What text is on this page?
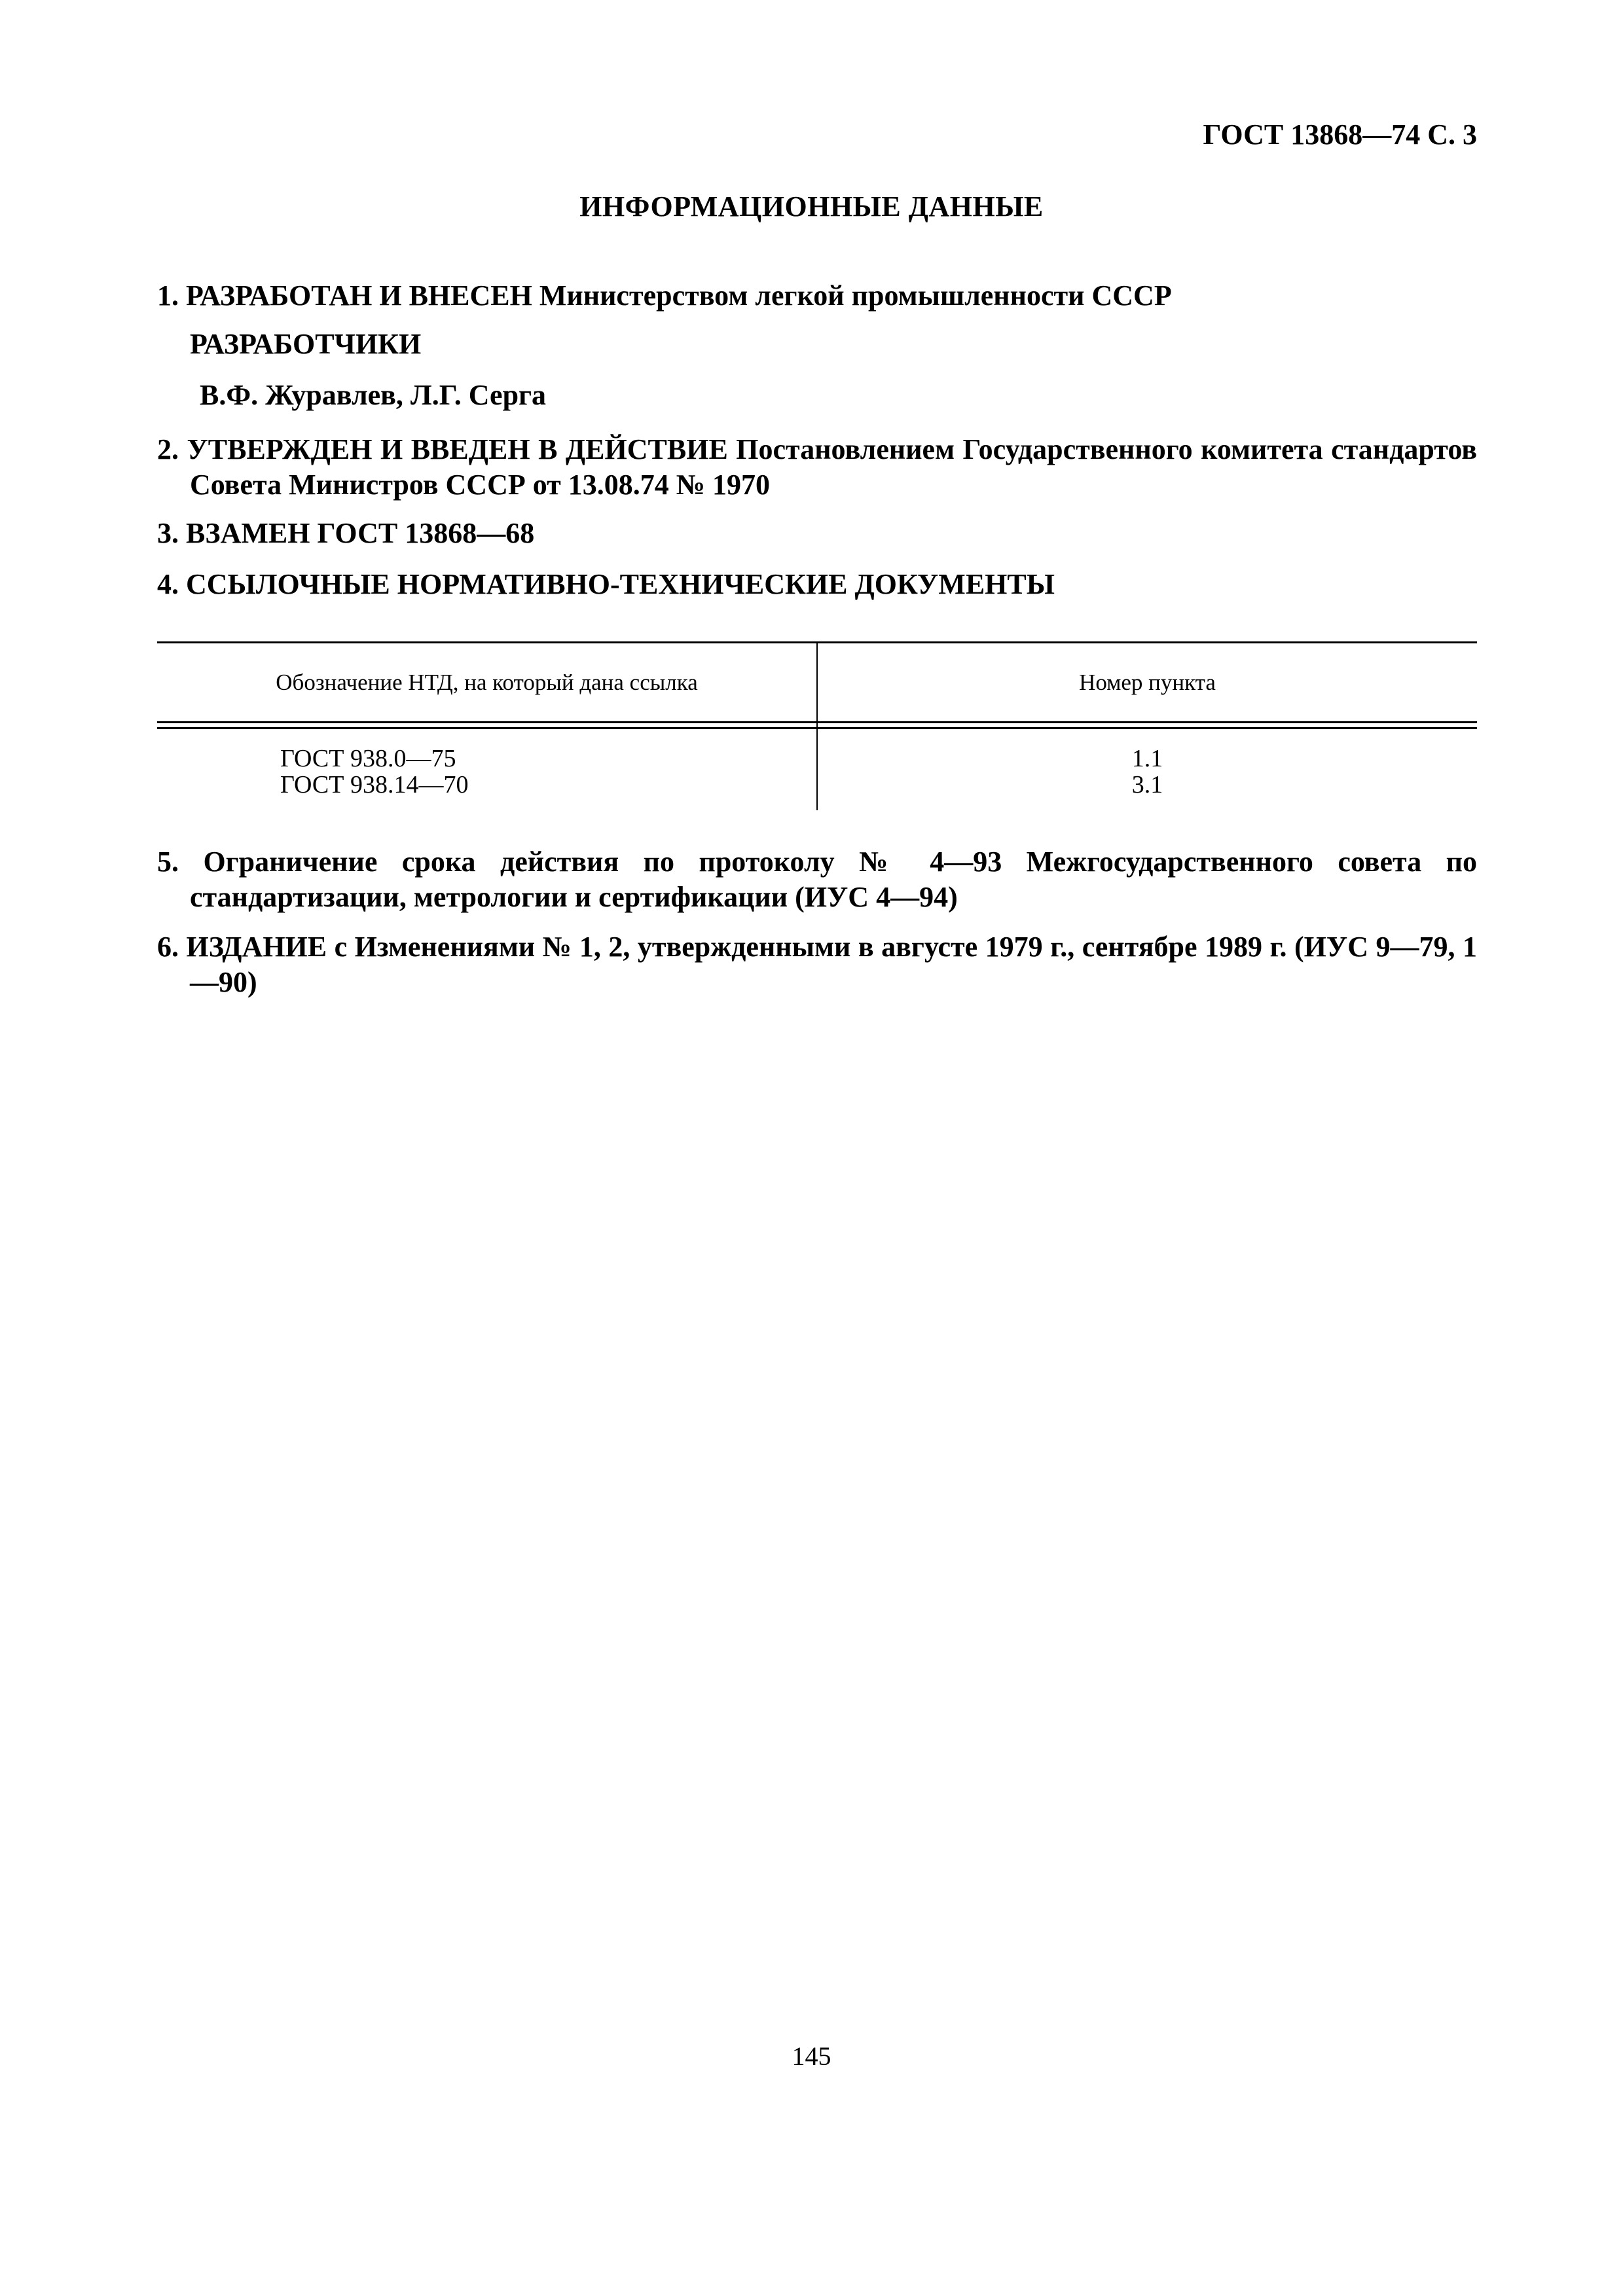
ГОСТ 13868—74 С. 3
ИНФОРМАЦИОННЫЕ ДАННЫЕ
1. РАЗРАБОТАН И ВНЕСЕН Министерством легкой промышленности СССР
РАЗРАБОТЧИКИ
В.Ф. Журавлев, Л.Г. Серга
2. УТВЕРЖДЕН И ВВЕДЕН В ДЕЙСТВИЕ Постановлением Государственного комитета стандартов Совета Министров СССР от 13.08.74 № 1970
3. ВЗАМЕН ГОСТ 13868—68
4. ССЫЛОЧНЫЕ НОРМАТИВНО-ТЕХНИЧЕСКИЕ ДОКУМЕНТЫ
Обозначение НТД, на который дана ссылка	Номер пункта
ГОСТ 938.0—75	1.1
ГОСТ 938.14—70	3.1
5. Ограничение срока действия по протоколу № 4—93 Межгосударственного совета по стандартизации, метрологии и сертификации (ИУС 4—94)
6. ИЗДАНИЕ с Изменениями № 1, 2, утвержденными в августе 1979 г., сентябре 1989 г. (ИУС 9—79, 1—90)
145
